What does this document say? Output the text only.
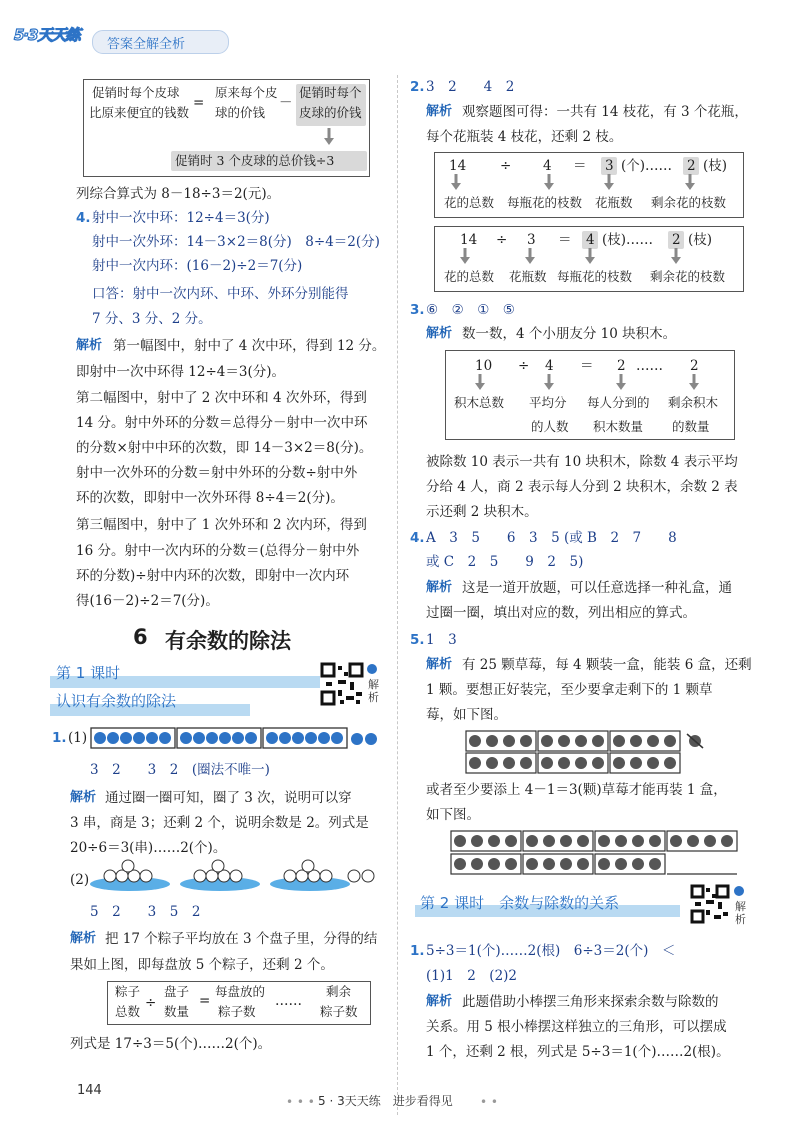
5·3天天练
答案全解全析
促销时每个皮球
比原来便宜的钱数
=
原来每个皮
球的价钱
－
促销时每个
皮球的价钱
促销时 3 个皮球的总价钱÷3
列综合算式为 8－18÷3＝2(元)。
4. 射中一次中环：12÷4＝3(分)
射中一次外环：14－3×2＝8(分)　8÷4＝2(分)
射中一次内环：(16－2)÷2＝7(分)
口答：射中一次内环、中环、外环分别能得
7 分、3 分、2 分。
解析 第一幅图中，射中了 4 次中环，得到 12 分。
即射中一次中环得 12÷4＝3(分)。
第二幅图中，射中了 2 次中环和 4 次外环，得到
14 分。射中外环的分数＝总得分－射中一次中环
的分数×射中中环的次数，即 14－3×2＝8(分)。
射中一次外环的分数＝射中外环的分数÷射中外
环的次数，即射中一次外环得 8÷4＝2(分)。
第三幅图中，射中了 1 次外环和 2 次内环，得到
16 分。射中一次内环的分数＝(总得分－射中外
环的分数)÷射中内环的次数，即射中一次内环
得(16－2)÷2＝7(分)。
6 有余数的除法
第 1 课时
认识有余数的除法
解析
1. (1)
3　2　　3　2　(圈法不唯一)
解析 通过圈一圈可知，圈了 3 次，说明可以穿
3 串，商是 3；还剩 2 个，说明余数是 2。列式是
20÷6＝3(串)……2(个)。
(2)
5　2　　3　5　2
解析 把 17 个粽子平均放在 3 个盘子里，分得的结
果如上图，即每盘放 5 个粽子，还剩 2 个。
粽子
总数
÷
盘子
数量
=
每盘放的
粽子数
……
剩余
粽子数
列式是 17÷3＝5(个)……2(个)。
2. 3　2　　4　2
解析 观察题图可得：一共有 14 枝花，有 3 个花瓶，
每个花瓶装 4 枝花，还剩 2 枝。
14	÷ 4 ＝ 3 (个)…… 2 (枝)
花的总数 每瓶花的枝数 花瓶数 剩余花的枝数
14 ÷ 3 ＝ 4 (枝)…… 2 (枝)
花的总数 花瓶数 每瓶花的枝数 剩余花的枝数
3. ⑥　②　①　⑤
解析 数一数，4 个小朋友分 10 块积木。
10 ÷ 4 ＝ 2 …… 2
积木总数 平均分
的人数
每人分到的
积木数量
剩余积木
的数量
被除数 10 表示一共有 10 块积木，除数 4 表示平均
分给 4 人，商 2 表示每人分到 2 块积木，余数 2 表
示还剩 2 块积木。
4. A　3　5　　6　3　5 (或 B　2　7　　8
或 C　2　5　　9　2　5)
解析 这是一道开放题，可以任意选择一种礼盒，通
过圈一圈，填出对应的数，列出相应的算式。
5. 1　3
解析 有 25 颗草莓，每 4 颗装一盒，能装 6 盒，还剩
1 颗。要想正好装完，至少要拿走剩下的 1 颗草
莓，如下图。
或者至少要添上 4－1＝3(颗)草莓才能再装 1 盒，
如下图。
第 2 课时　余数与除数的关系	解析
1. 5÷3＝1(个)……2(根)　6÷3＝2(个)　＜
(1)1　2　(2)2
解析 此题借助小棒摆三角形来探索余数与除数的
关系。用 5 根小棒摆这样独立的三角形，可以摆成
1 个，还剩 2 根，列式是 5÷3＝1(个)……2(根)。
144
• • • 5 · 3天天练　进步看得见 • •
